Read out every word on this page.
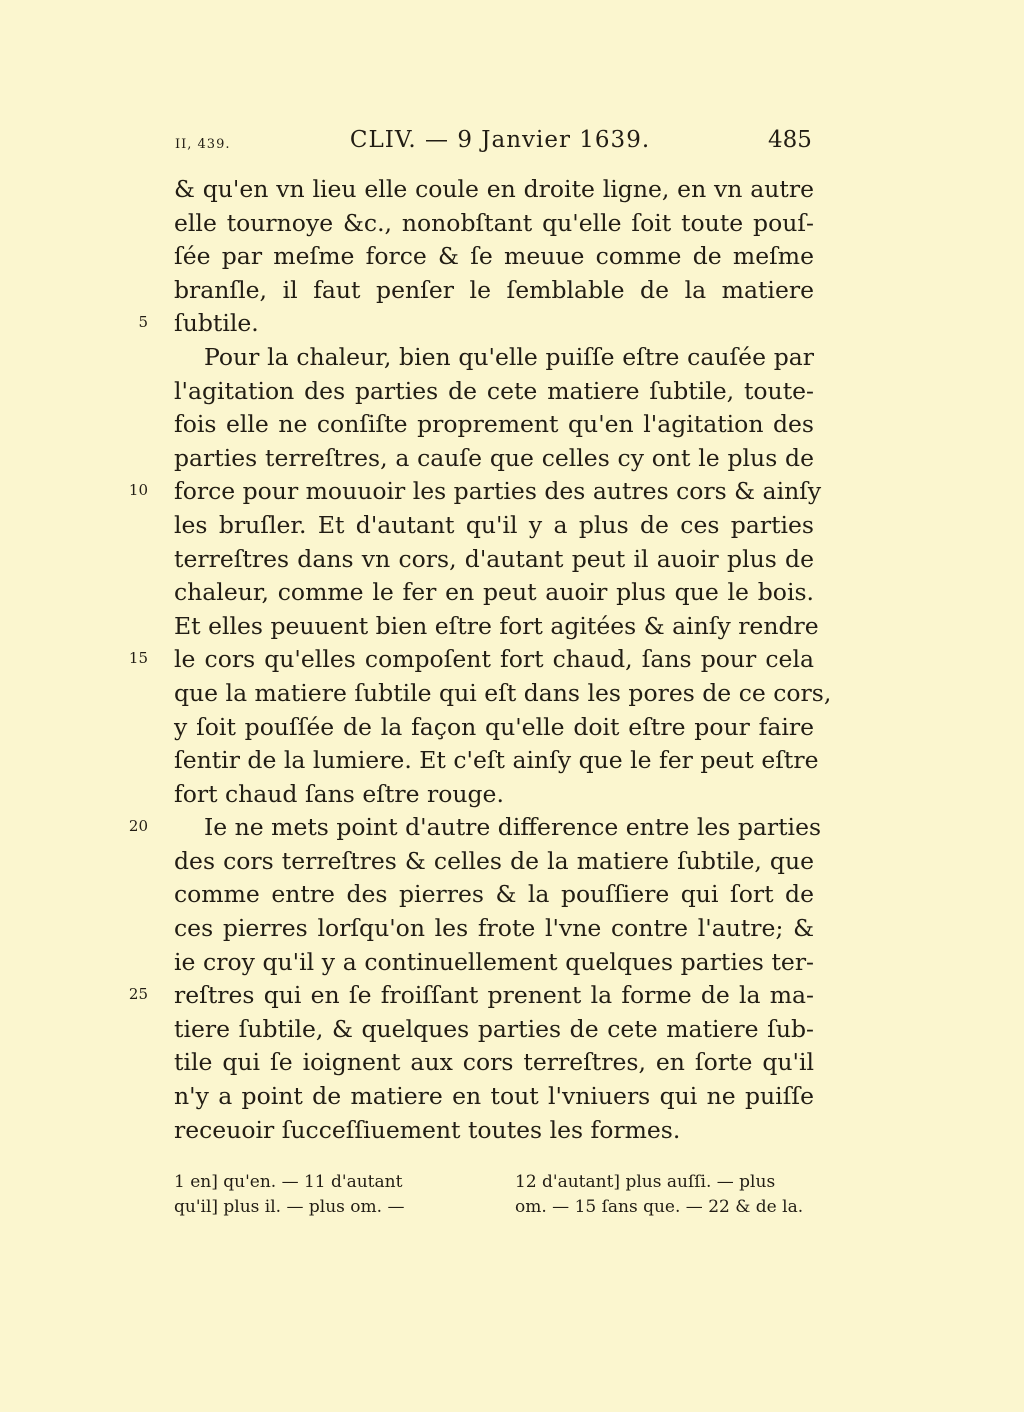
II, 439.	CLIV. — 9 Janvier 1639.	485
& qu'en vn lieu elle coule en droite ligne, en vn autre
elle tournoye &c., nonobſtant qu'elle ſoit toute pouſ-
ſée par meſme force & ſe meuue comme de meſme
branſle, il faut penſer le ſemblable de la matiere
5 ſubtile.
Pour la chaleur, bien qu'elle puiſſe eſtre cauſée par
l'agitation des parties de cete matiere ſubtile, toute-
fois elle ne conſiſte proprement qu'en l'agitation des
parties terreſtres, a cauſe que celles cy ont le plus de
10 force pour mouuoir les parties des autres cors & ainſy
les bruſler. Et d'autant qu'il y a plus de ces parties
terreſtres dans vn cors, d'autant peut il auoir plus de
chaleur, comme le fer en peut auoir plus que le bois.
Et elles peuuent bien eſtre fort agitées & ainſy rendre
15 le cors qu'elles compoſent fort chaud, ſans pour cela
que la matiere ſubtile qui eſt dans les pores de ce cors,
y ſoit pouſſée de la façon qu'elle doit eſtre pour faire
ſentir de la lumiere. Et c'eſt ainſy que le fer peut eſtre
fort chaud ſans eſtre rouge.
20 Ie ne mets point d'autre difference entre les parties
des cors terreſtres & celles de la matiere ſubtile, que
comme entre des pierres & la pouſſiere qui ſort de
ces pierres lorſqu'on les frote l'vne contre l'autre; &
ie croy qu'il y a continuellement quelques parties ter-
25 reſtres qui en ſe froiſſant prenent la forme de la ma-
tiere ſubtile, & quelques parties de cete matiere ſub-
tile qui ſe ioignent aux cors terreſtres, en ſorte qu'il
n'y a point de matiere en tout l'vniuers qui ne puiſſe
receuoir ſucceſſiuement toutes les formes.
1 en] qu'en. — 11 d'autant
qu'il] plus il. — plus om. —
12 d'autant] plus auſſi. — plus
om. — 15 ſans que. — 22 & de la.
